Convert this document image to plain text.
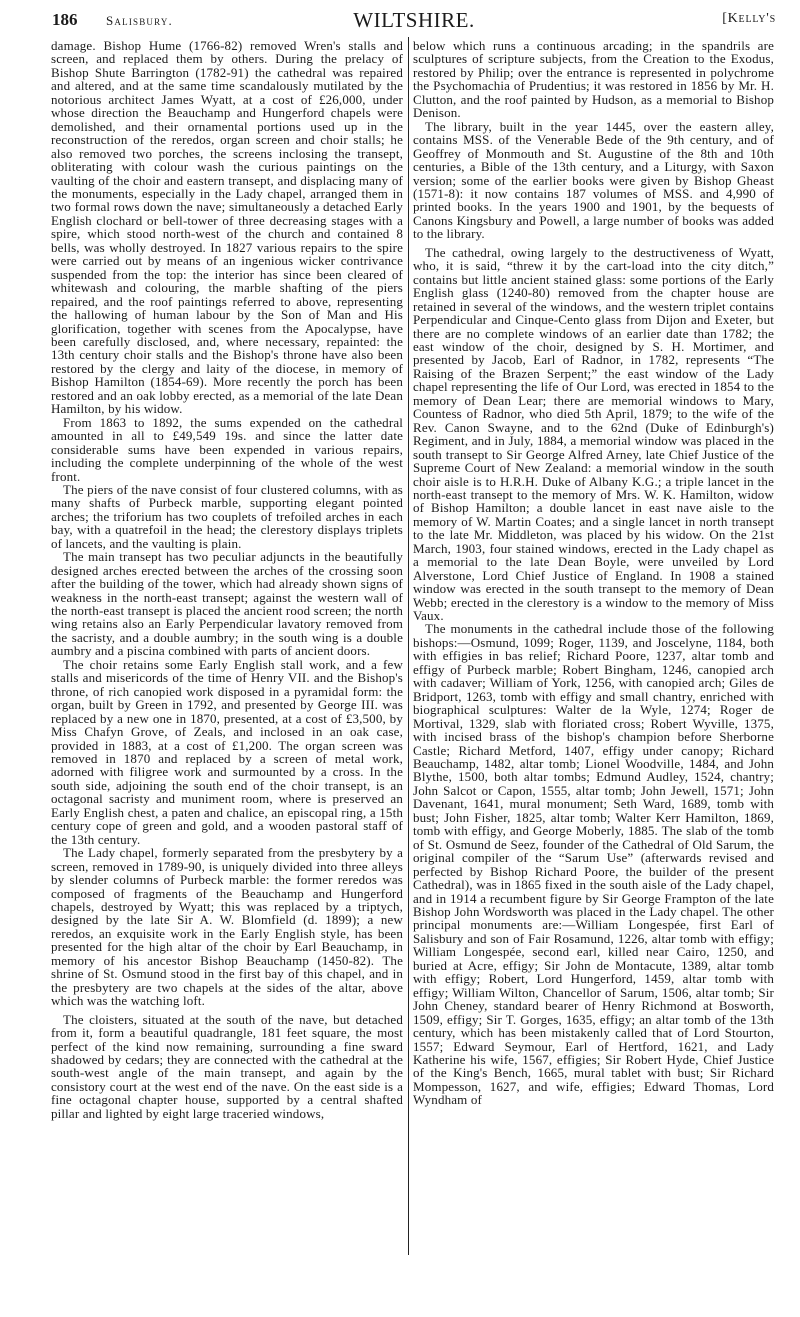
186 Salisbury.	WILTSHIRE.	[Kelly's

damage. Bishop Hume (1766-82) removed Wren's stalls and screen, and replaced them by others. During the prelacy of Bishop Shute Barrington (1782-91) the cathedral was repaired and altered, and at the same time scandalously mutilated by the notorious architect James Wyatt, at a cost of £26,000, under whose direction the Beauchamp and Hungerford chapels were demolished, and their ornamental portions used up in the reconstruction of the reredos, organ screen and choir stalls; he also removed two porches, the screens inclosing the transept, obliterating with colour wash the curious paintings on the vaulting of the choir and eastern transept, and displacing many of the monuments, especially in the Lady chapel, arranged them in two formal rows down the nave; simultaneously a detached Early English clochard or bell-tower of three decreasing stages with a spire, which stood north-west of the church and contained 8 bells, was wholly destroyed. In 1827 various repairs to the spire were carried out by means of an ingenious wicker contrivance suspended from the top: the interior has since been cleared of whitewash and colouring, the marble shafting of the piers repaired, and the roof paintings referred to above, representing the hallowing of human labour by the Son of Man and His glorification, together with scenes from the Apocalypse, have been carefully disclosed, and, where necessary, repainted: the 13th century choir stalls and the Bishop's throne have also been restored by the clergy and laity of the diocese, in memory of Bishop Hamilton (1854-69). More recently the porch has been restored and an oak lobby erected, as a memorial of the late Dean Hamilton, by his widow.

From 1863 to 1892, the sums expended on the cathedral amounted in all to £49,549 19s. and since the latter date considerable sums have been expended in various repairs, including the complete underpinning of the whole of the west front.

The piers of the nave consist of four clustered columns, with as many shafts of Purbeck marble, supporting elegant pointed arches; the triforium has two couplets of trefoiled arches in each bay, with a quatrefoil in the head; the clerestory displays triplets of lancets, and the vaulting is plain.

The main transept has two peculiar adjuncts in the beautifully designed arches erected between the arches of the crossing soon after the building of the tower, which had already shown signs of weakness in the north-east transept; against the western wall of the north-east transept is placed the ancient rood screen; the north wing retains also an Early Perpendicular lavatory removed from the sacristy, and a double aumbry; in the south wing is a double aumbry and a piscina combined with parts of ancient doors.

The choir retains some Early English stall work, and a few stalls and misericords of the time of Henry VII. and the Bishop's throne, of rich canopied work disposed in a pyramidal form: the organ, built by Green in 1792, and presented by George III. was replaced by a new one in 1870, presented, at a cost of £3,500, by Miss Chafyn Grove, of Zeals, and inclosed in an oak case, provided in 1883, at a cost of £1,200. The organ screen was removed in 1870 and replaced by a screen of metal work, adorned with filigree work and surmounted by a cross. In the south side, adjoining the south end of the choir transept, is an octagonal sacristy and muniment room, where is preserved an Early English chest, a paten and chalice, an episcopal ring, a 15th century cope of green and gold, and a wooden pastoral staff of the 13th century.

The Lady chapel, formerly separated from the presbytery by a screen, removed in 1789-90, is uniquely divided into three alleys by slender columns of Purbeck marble: the former reredos was composed of fragments of the Beauchamp and Hungerford chapels, destroyed by Wyatt; this was replaced by a triptych, designed by the late Sir A. W. Blomfield (d. 1899); a new reredos, an exquisite work in the Early English style, has been presented for the high altar of the choir by Earl Beauchamp, in memory of his ancestor Bishop Beauchamp (1450-82). The shrine of St. Osmund stood in the first bay of this chapel, and in the presbytery are two chapels at the sides of the altar, above which was the watching loft.

The cloisters, situated at the south of the nave, but detached from it, form a beautiful quadrangle, 181 feet square, the most perfect of the kind now remaining, surrounding a fine sward shadowed by cedars; they are connected with the cathedral at the south-west angle of the main transept, and again by the consistory court at the west end of the nave. On the east side is a fine octagonal chapter house, supported by a central shafted pillar and lighted by eight large traceried windows,

below which runs a continuous arcading; in the spandrils are sculptures of scripture subjects, from the Creation to the Exodus, restored by Philip; over the entrance is represented in polychrome the Psychomachia of Prudentius; it was restored in 1856 by Mr. H. Clutton, and the roof painted by Hudson, as a memorial to Bishop Denison.

The library, built in the year 1445, over the eastern alley, contains MSS. of the Venerable Bede of the 9th century, and of Geoffrey of Monmouth and St. Augustine of the 8th and 10th centuries, a Bible of the 13th century, and a Liturgy, with Saxon version; some of the earlier books were given by Bishop Gheast (1571-8): it now contains 187 volumes of MSS. and 4,990 of printed books. In the years 1900 and 1901, by the bequests of Canons Kingsbury and Powell, a large number of books was added to the library.

The cathedral, owing largely to the destructiveness of Wyatt, who, it is said, “threw it by the cart-load into the city ditch,” contains but little ancient stained glass: some portions of the Early English glass (1240-80) removed from the chapter house are retained in several of the windows, and the western triplet contains Perpendicular and Cinque-Cento glass from Dijon and Exeter, but there are no complete windows of an earlier date than 1782; the east window of the choir, designed by S. H. Mortimer, and presented by Jacob, Earl of Radnor, in 1782, represents “The Raising of the Brazen Serpent;” the east window of the Lady chapel representing the life of Our Lord, was erected in 1854 to the memory of Dean Lear; there are memorial windows to Mary, Countess of Radnor, who died 5th April, 1879; to the wife of the Rev. Canon Swayne, and to the 62nd (Duke of Edinburgh's) Regiment, and in July, 1884, a memorial window was placed in the south transept to Sir George Alfred Arney, late Chief Justice of the Supreme Court of New Zealand: a memorial window in the south choir aisle is to H.R.H. Duke of Albany K.G.; a triple lancet in the north-east transept to the memory of Mrs. W. K. Hamilton, widow of Bishop Hamilton; a double lancet in east nave aisle to the memory of W. Martin Coates; and a single lancet in north transept to the late Mr. Middleton, was placed by his widow. On the 21st March, 1903, four stained windows, erected in the Lady chapel as a memorial to the late Dean Boyle, were unveiled by Lord Alverstone, Lord Chief Justice of England. In 1908 a stained window was erected in the south transept to the memory of Dean Webb; erected in the clerestory is a window to the memory of Miss Vaux.

The monuments in the cathedral include those of the following bishops:—Osmund, 1099; Roger, 1139, and Joscelyne, 1184, both with effigies in bas relief; Richard Poore, 1237, altar tomb and effigy of Purbeck marble; Robert Bingham, 1246, canopied arch with cadaver; William of York, 1256, with canopied arch; Giles de Bridport, 1263, tomb with effigy and small chantry, enriched with biographical sculptures: Walter de la Wyle, 1274; Roger de Mortival, 1329, slab with floriated cross; Robert Wyville, 1375, with incised brass of the bishop's champion before Sherborne Castle; Richard Metford, 1407, effigy under canopy; Richard Beauchamp, 1482, altar tomb; Lionel Woodville, 1484, and John Blythe, 1500, both altar tombs; Edmund Audley, 1524, chantry; John Salcot or Capon, 1555, altar tomb; John Jewell, 1571; John Davenant, 1641, mural monument; Seth Ward, 1689, tomb with bust; John Fisher, 1825, altar tomb; Walter Kerr Hamilton, 1869, tomb with effigy, and George Moberly, 1885. The slab of the tomb of St. Osmund de Seez, founder of the Cathedral of Old Sarum, the original compiler of the “Sarum Use” (afterwards revised and perfected by Bishop Richard Poore, the builder of the present Cathedral), was in 1865 fixed in the south aisle of the Lady chapel, and in 1914 a recumbent figure by Sir George Frampton of the late Bishop John Wordsworth was placed in the Lady chapel. The other principal monuments are:—William Longespée, first Earl of Salisbury and son of Fair Rosamund, 1226, altar tomb with effigy; William Longespée, second earl, killed near Cairo, 1250, and buried at Acre, effigy; Sir John de Montacute, 1389, altar tomb with effigy; Robert, Lord Hungerford, 1459, altar tomb with effigy; William Wilton, Chancellor of Sarum, 1506, altar tomb; Sir John Cheney, standard bearer of Henry Richmond at Bosworth, 1509, effigy; Sir T. Gorges, 1635, effigy; an altar tomb of the 13th century, which has been mistakenly called that of Lord Stourton, 1557; Edward Seymour, Earl of Hertford, 1621, and Lady Katherine his wife, 1567, effigies; Sir Robert Hyde, Chief Justice of the King's Bench, 1665, mural tablet with bust; Sir Richard Mompesson, 1627, and wife, effigies; Edward Thomas, Lord Wyndham of
